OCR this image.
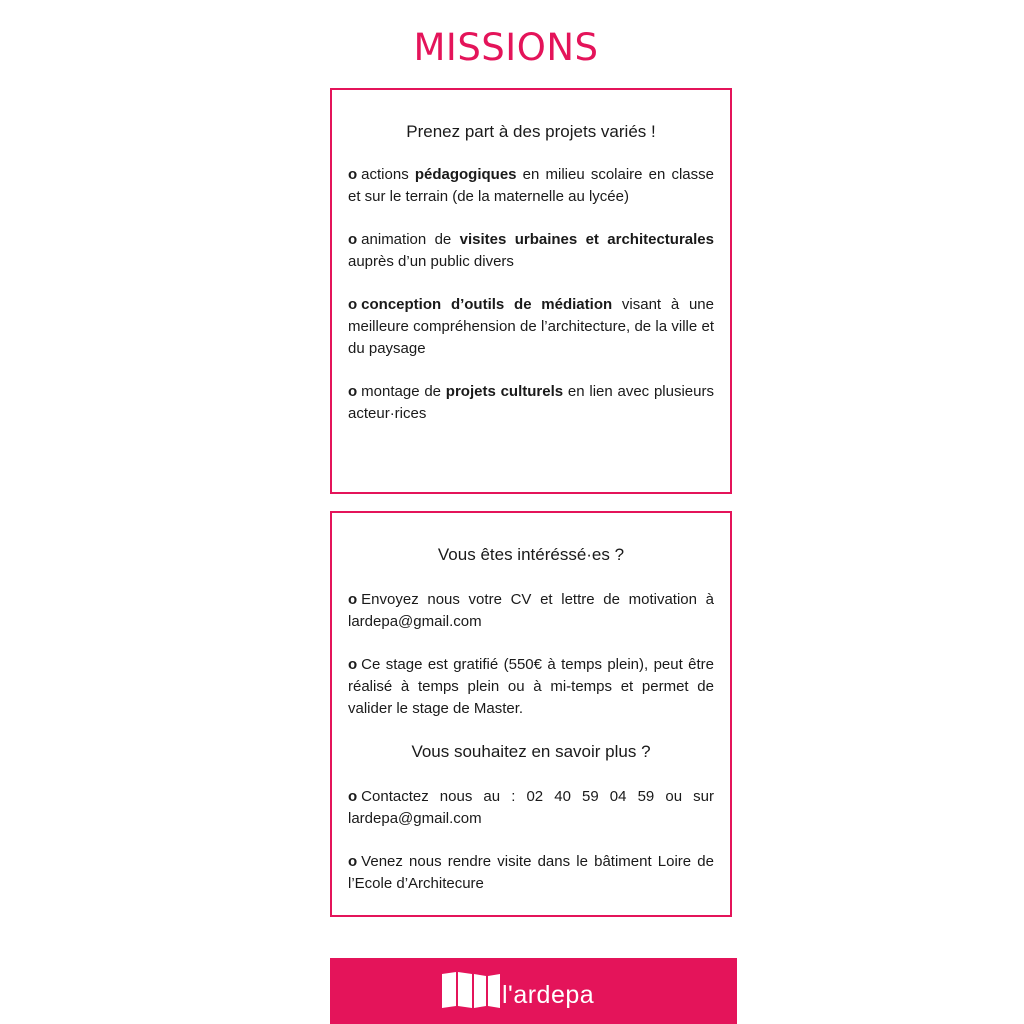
MISSIONS
Prenez part à des projets variés !

o actions pédagogiques en milieu scolaire en classe et sur le terrain (de la maternelle au lycée)

o animation de visites urbaines et architecturales auprès d’un public divers

o conception d’outils de médiation visant à une meilleure compréhension de l’architecture, de la ville et du paysage

o montage de projets culturels en lien avec plusieurs acteur·rices

Vous êtes intéréssé·es ?

o Envoyez nous votre CV et lettre de motivation à lardepa@gmail.com

o Ce stage est gratifié (550€ à temps plein), peut être réalisé à temps plein ou à mi-temps et permet de valider le stage de Master.

Vous souhaitez en savoir plus ?

o Contactez nous au : 02 40 59 04 59 ou sur lardepa@gmail.com

o Venez nous rendre visite dans le bâtiment Loire de l’Ecole d’Architecure

l'ardepa
